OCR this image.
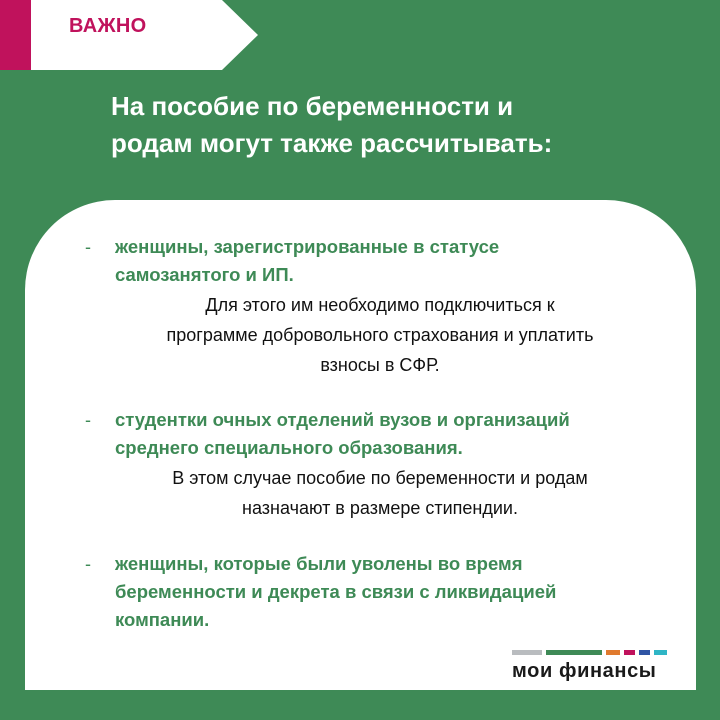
ВАЖНО
На пособие по беременности и
родам могут также рассчитывать:
- женщины, зарегистрированные в статусе
самозанятого и ИП.
Для этого им необходимо подключиться к
программе добровольного страхования и уплатить
взносы в СФР.
- студентки очных отделений вузов и организаций
среднего специального образования.
В этом случае пособие по беременности и родам
назначают в размере стипендии.
- женщины, которые были уволены во время
беременности и декрета в связи с ликвидацией
компании.
мои финансы
